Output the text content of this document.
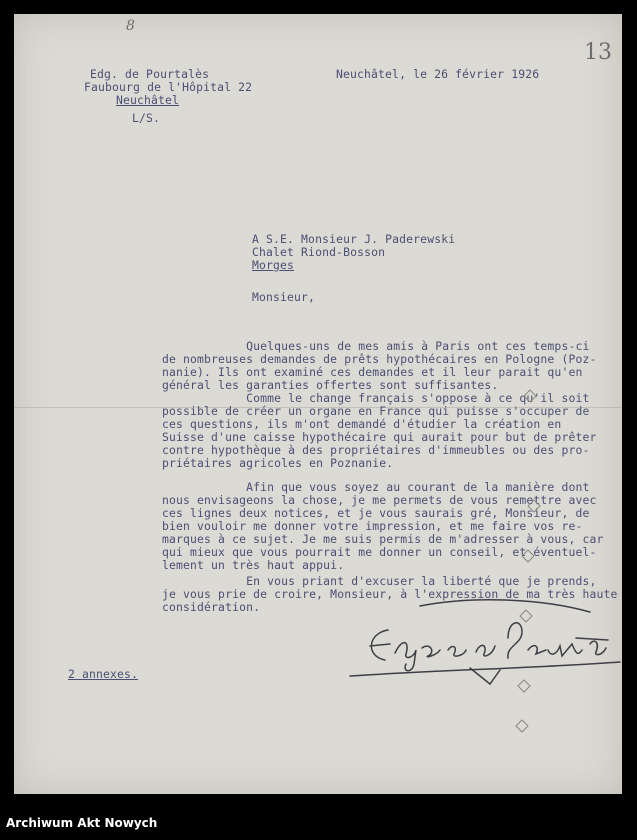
8
13

Edg. de Pourtalès

Faubourg de l'Hôpital 22

Neuchâtel

L/S.

Neuchâtel, le 26 février 1926

A S.E. Monsieur J. Paderewski

Chalet Riond-Bosson

Morges

Monsieur,

Quelques-uns de mes amis à Paris ont ces temps-ci

de nombreuses demandes de prêts hypothécaires en Pologne (Poz-

nanie). Ils ont examiné ces demandes et il leur parait qu'en

général les garanties offertes sont suffisantes.

Comme le change français s'oppose à ce qu'il soit

possible de créer un organe en France qui puisse s'occuper de

ces questions, ils m'ont demandé d'étudier la création en

Suisse d'une caisse hypothécaire qui aurait pour but de prêter

contre hypothèque à des propriétaires d'immeubles ou des pro-

priétaires agricoles en Poznanie.

Afin que vous soyez au courant de la manière dont

nous envisageons la chose, je me permets de vous remettre avec

ces lignes deux notices, et je vous saurais gré, Monsieur, de

bien vouloir me donner votre impression, et me faire vos re-

marques à ce sujet. Je me suis permis de m'adresser à vous, car

qui mieux que vous pourrait me donner un conseil, et éventuel-

lement un très haut appui.

En vous priant d'excuser la liberté que je prends,

je vous prie de croire, Monsieur, à l'expression de ma très haute

considération.

2 annexes.

Archiwum Akt Nowych
